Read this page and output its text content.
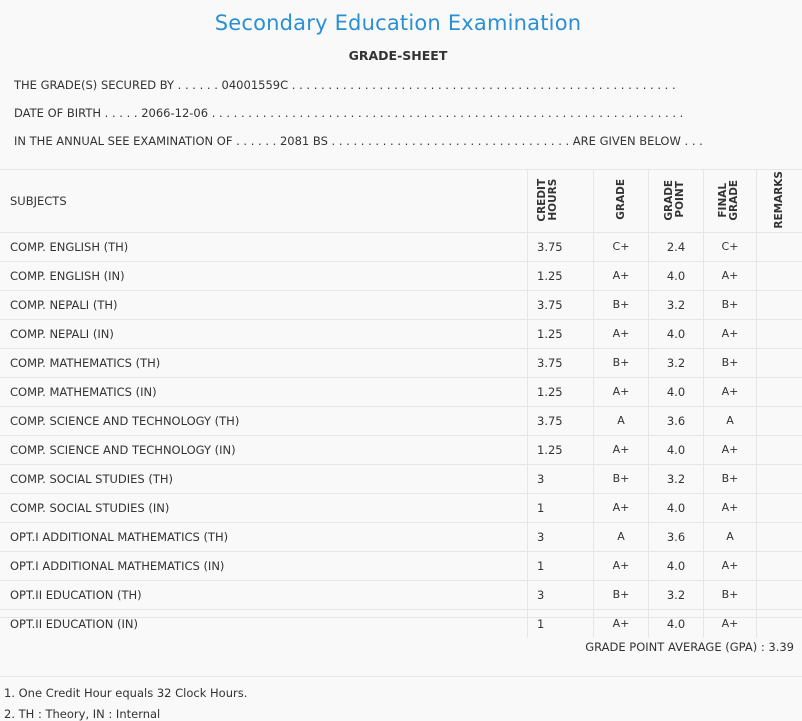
Secondary Education Examination
GRADE-SHEET
THE GRADE(S) SECURED BY . . . . . . 04001559C . . . . . . . . . . . . . . . . . . . . . . . . . . . . . . . . . . . . . . . . . . . . . . . . . . . . .
DATE OF BIRTH . . . . . 2066-12-06 . . . . . . . . . . . . . . . . . . . . . . . . . . . . . . . . . . . . . . . . . . . . . . . . . . . . . . . . . . . . . . . . .
IN THE ANNUAL SEE EXAMINATION OF . . . . . . 2081 BS . . . . . . . . . . . . . . . . . . . . . . . . . . . . . . . . . ARE GIVEN BELOW . . .
SUBJECTS	CREDIT HOURS	GRADE	GRADE POINT	FINAL GRADE	REMARKS
COMP. ENGLISH (TH)	3.75	C+	2.4	C+	
COMP. ENGLISH (IN)	1.25	A+	4.0	A+	
COMP. NEPALI (TH)	3.75	B+	3.2	B+	
COMP. NEPALI (IN)	1.25	A+	4.0	A+	
COMP. MATHEMATICS (TH)	3.75	B+	3.2	B+	
COMP. MATHEMATICS (IN)	1.25	A+	4.0	A+	
COMP. SCIENCE AND TECHNOLOGY (TH)	3.75	A	3.6	A	
COMP. SCIENCE AND TECHNOLOGY (IN)	1.25	A+	4.0	A+	
COMP. SOCIAL STUDIES (TH)	3	B+	3.2	B+	
COMP. SOCIAL STUDIES (IN)	1	A+	4.0	A+	
OPT.I ADDITIONAL MATHEMATICS (TH)	3	A	3.6	A	
OPT.I ADDITIONAL MATHEMATICS (IN)	1	A+	4.0	A+	
OPT.II EDUCATION (TH)	3	B+	3.2	B+	
OPT.II EDUCATION (IN)	1	A+	4.0	A+	
GRADE POINT AVERAGE (GPA) : 3.39
1. One Credit Hour equals 32 Clock Hours.
2. TH : Theory, IN : Internal
